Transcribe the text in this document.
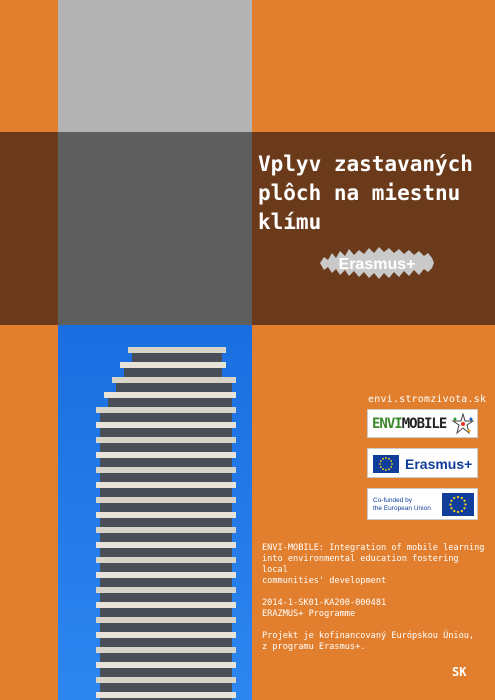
Vplyv zastavaných
plôch na miestnu
klímu
Erasmus+
envi.stromzivota.sk
ENVIMOBILE
Erasmus+
Co-funded by
the European Union
ENVI-MOBILE: Integration of mobile learning
into environmental education fostering local
communities' development
2014-1-SK01-KA200-000481
ERAZMUS+ Programme
Projekt je kofinancovaný Európskou Úniou,
z programu Erasmus+.
SK
